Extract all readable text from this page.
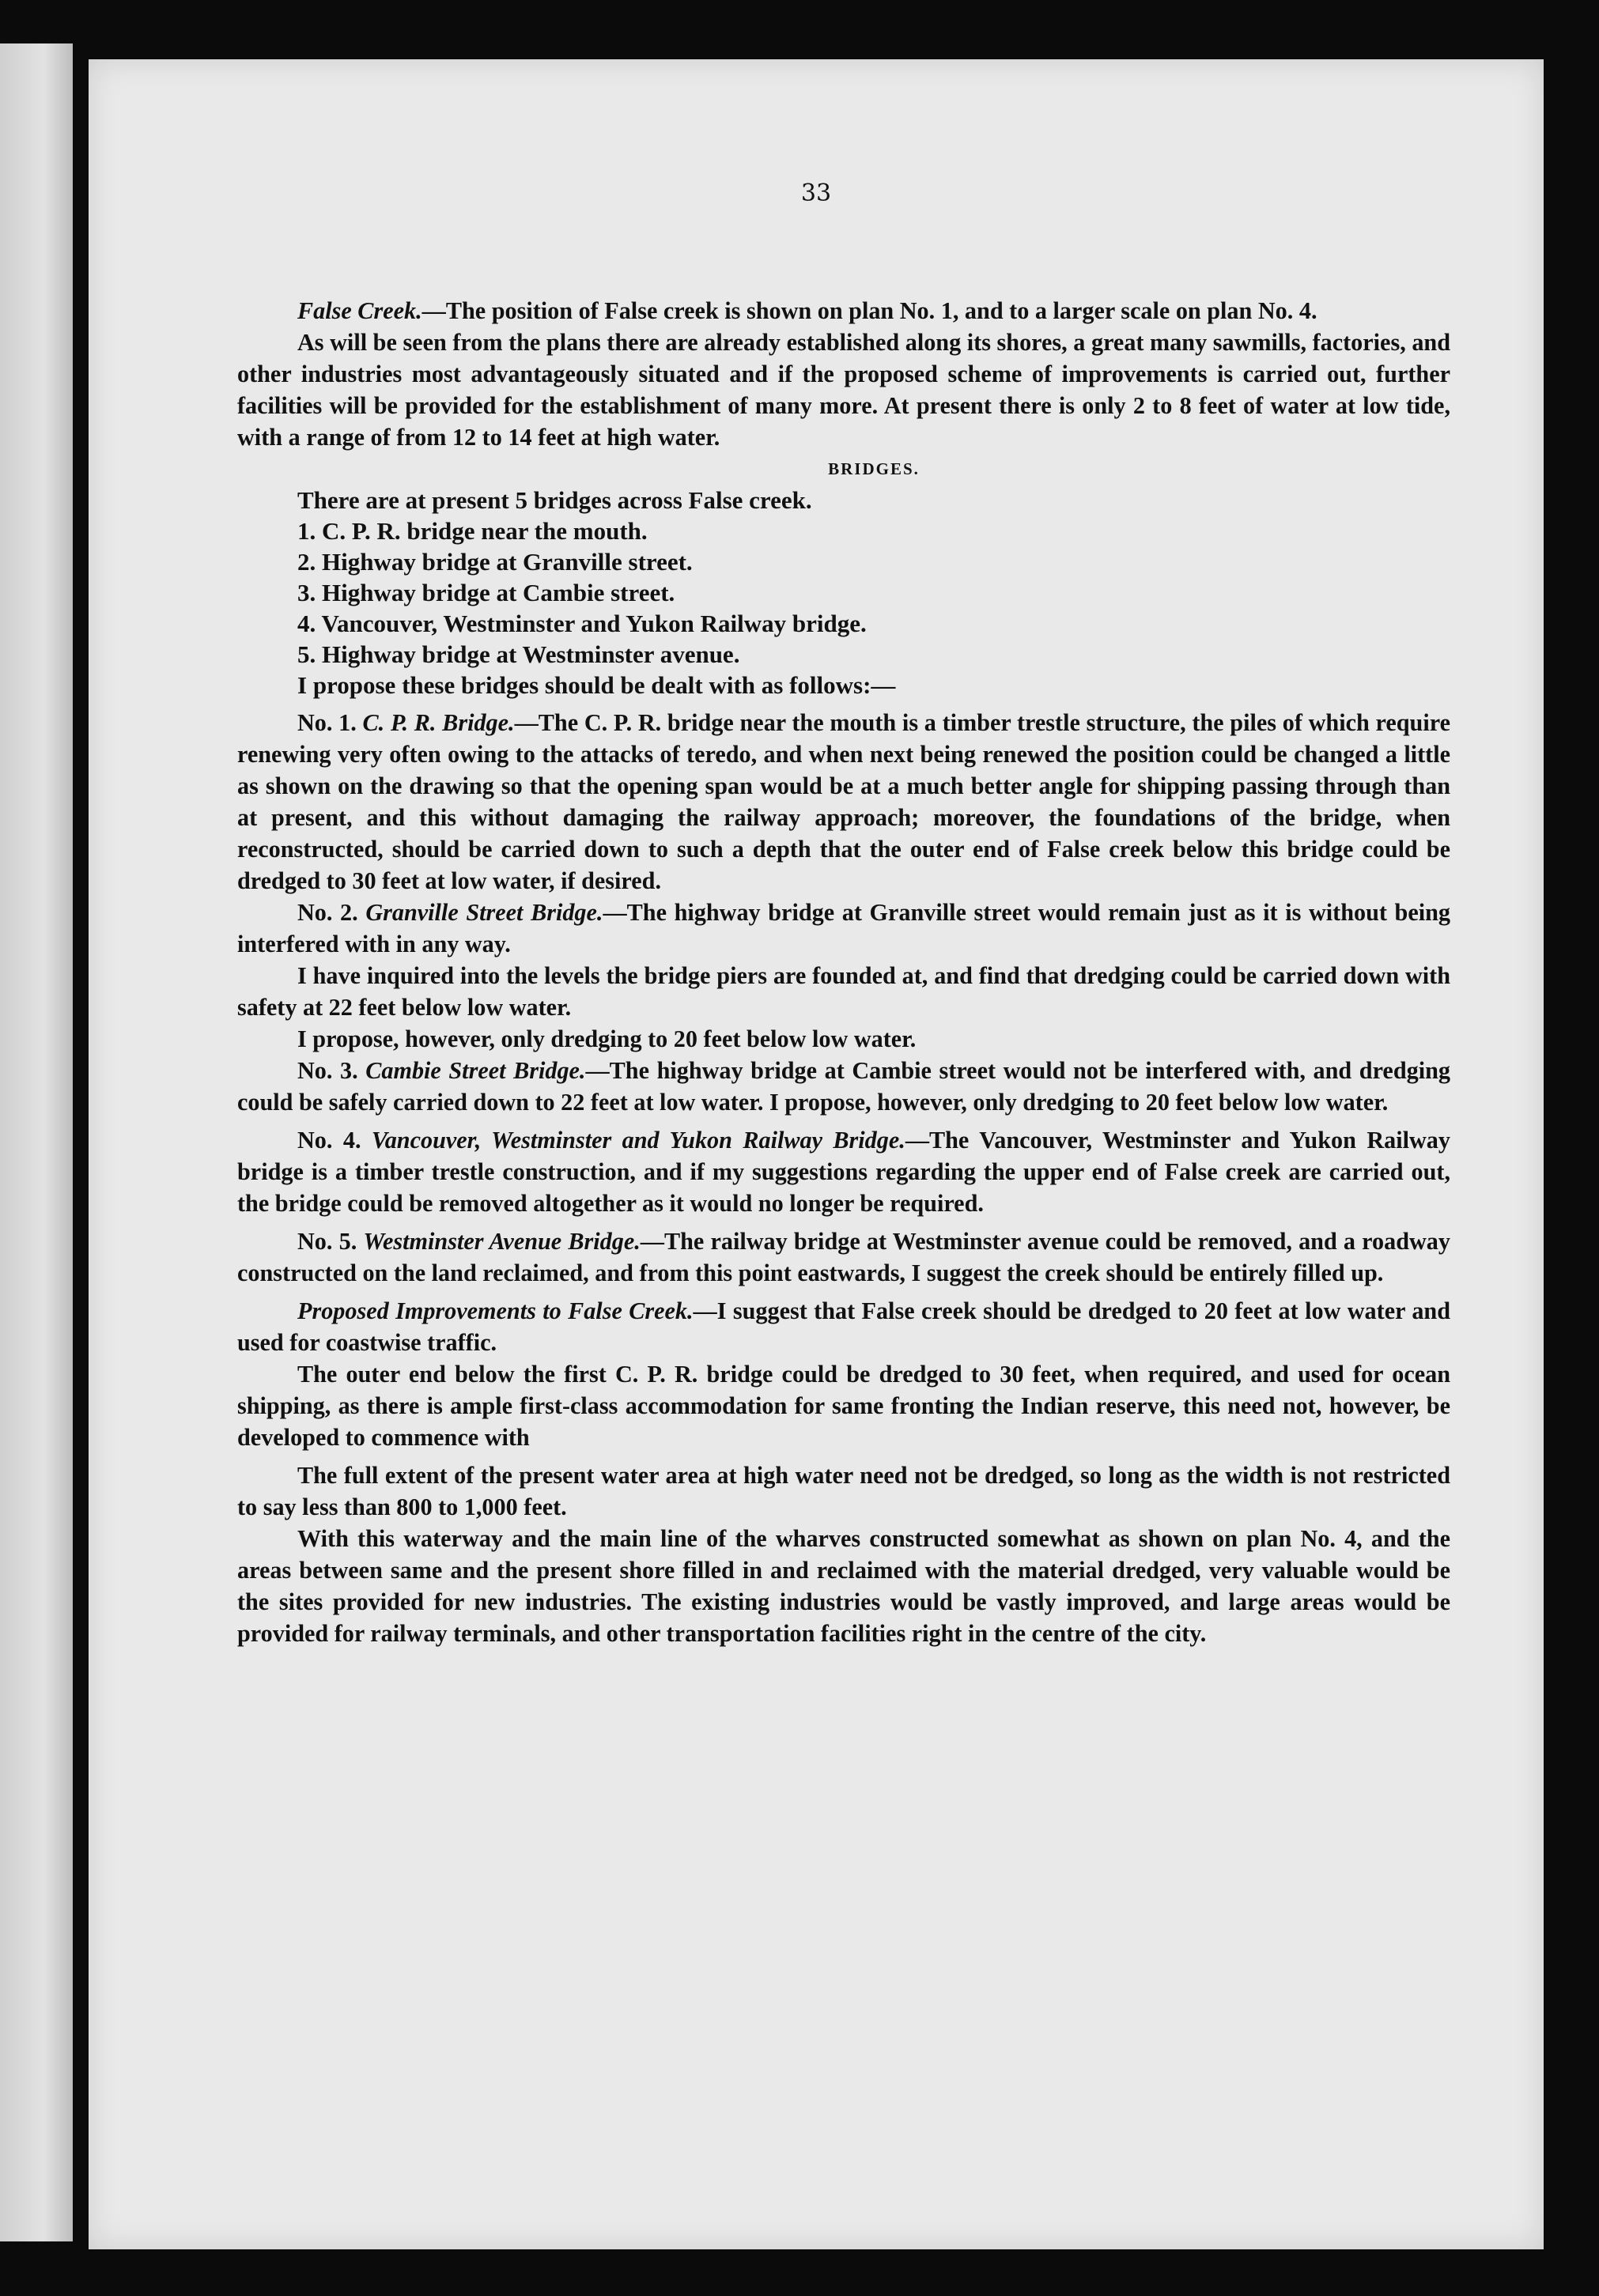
33

False Creek.—The position of False creek is shown on plan No. 1, and to a larger scale on plan No. 4.

As will be seen from the plans there are already established along its shores, a great many sawmills, factories, and other industries most advantageously situated and if the proposed scheme of improvements is carried out, further facilities will be provided for the establishment of many more. At present there is only 2 to 8 feet of water at low tide, with a range of from 12 to 14 feet at high water.

BRIDGES.

There are at present 5 bridges across False creek.
1. C. P. R. bridge near the mouth.
2. Highway bridge at Granville street.
3. Highway bridge at Cambie street.
4. Vancouver, Westminster and Yukon Railway bridge.
5. Highway bridge at Westminster avenue.
I propose these bridges should be dealt with as follows:—

No. 1. C. P. R. Bridge.—The C. P. R. bridge near the mouth is a timber trestle structure, the piles of which require renewing very often owing to the attacks of teredo, and when next being renewed the position could be changed a little as shown on the drawing so that the opening span would be at a much better angle for shipping passing through than at present, and this without damaging the railway approach; moreover, the foundations of the bridge, when reconstructed, should be carried down to such a depth that the outer end of False creek below this bridge could be dredged to 30 feet at low water, if desired.

No. 2. Granville Street Bridge.—The highway bridge at Granville street would remain just as it is without being interfered with in any way.

I have inquired into the levels the bridge piers are founded at, and find that dredging could be carried down with safety at 22 feet below low water.

I propose, however, only dredging to 20 feet below low water.

No. 3. Cambie Street Bridge.—The highway bridge at Cambie street would not be interfered with, and dredging could be safely carried down to 22 feet at low water. I propose, however, only dredging to 20 feet below low water.

No. 4. Vancouver, Westminster and Yukon Railway Bridge.—The Vancouver, Westminster and Yukon Railway bridge is a timber trestle construction, and if my suggestions regarding the upper end of False creek are carried out, the bridge could be removed altogether as it would no longer be required.

No. 5. Westminster Avenue Bridge.—The railway bridge at Westminster avenue could be removed, and a roadway constructed on the land reclaimed, and from this point eastwards, I suggest the creek should be entirely filled up.

Proposed Improvements to False Creek.—I suggest that False creek should be dredged to 20 feet at low water and used for coastwise traffic.

The outer end below the first C. P. R. bridge could be dredged to 30 feet, when required, and used for ocean shipping, as there is ample first-class accommodation for same fronting the Indian reserve, this need not, however, be developed to commence with

The full extent of the present water area at high water need not be dredged, so long as the width is not restricted to say less than 800 to 1,000 feet.

With this waterway and the main line of the wharves constructed somewhat as shown on plan No. 4, and the areas between same and the present shore filled in and reclaimed with the material dredged, very valuable would be the sites provided for new industries. The existing industries would be vastly improved, and large areas would be provided for railway terminals, and other transportation facilities right in the centre of the city.
